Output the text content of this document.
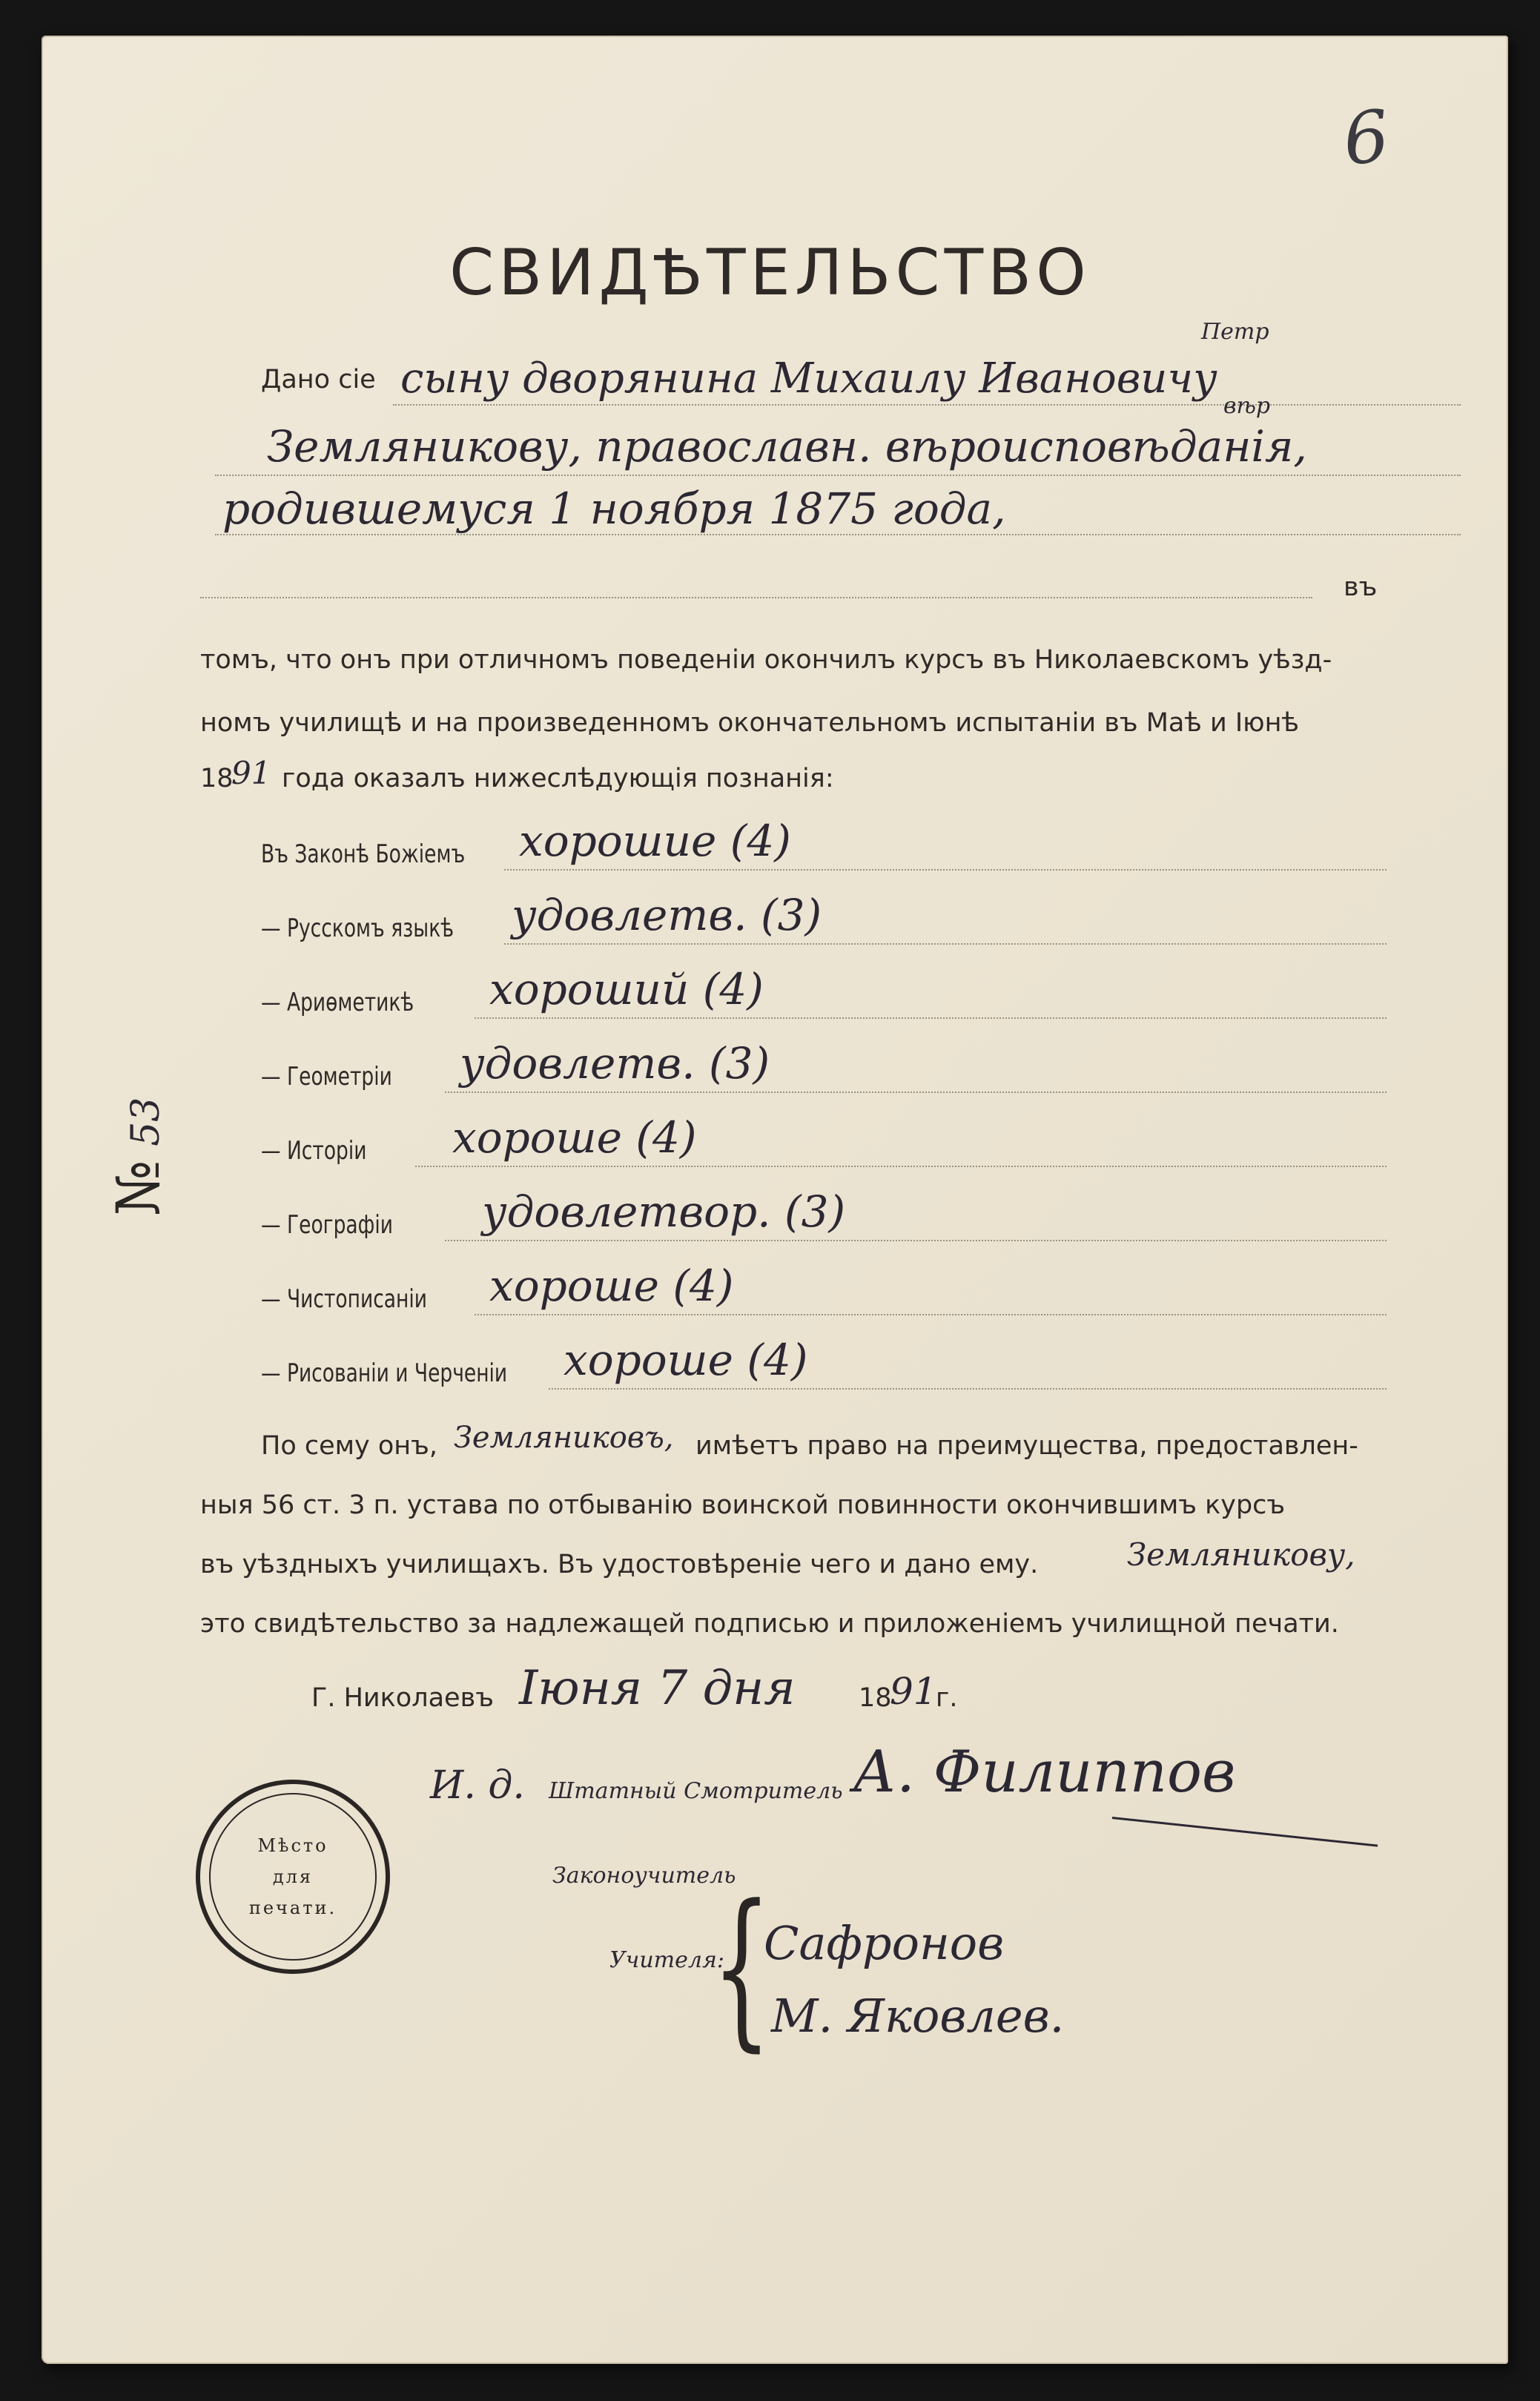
6
СВИДѢТЕЛЬСТВО
Дано сіе сыну дворянина Михаилу Ивановичу
Петр
Земляникову, православн. вѣроисповѣданія,
вѣр
родившемуся 1 ноября 1875 года,
въ
томъ, что онъ при отличномъ поведеніи окончилъ курсъ въ Николаевскомъ уѣзд-
номъ училищѣ и на произведенномъ окончательномъ испытаніи въ Маѣ и Іюнѣ
18
91 года оказалъ нижеслѣдующія познанія:
Въ Законѣ Божіемъ хорошие (4)
— Русскомъ языкѣ удовлетв. (3)
— Ариѳметикѣ хороший (4)
— Геометріи удовлетв. (3)
— Исторіи хороше (4)
— Географіи удовлетвор. (3)
— Чистописаніи хороше (4)
— Рисованіи и Черченіи хороше (4)
№ 53
По сему онъ, Земляниковъ, имѣетъ право на преимущества, предоставлен-
ныя 56 ст. 3 п. устава по отбыванію воинской повинности окончившимъ курсъ
въ уѣздныхъ училищахъ. Въ удостовѣреніе чего и дано ему.	Земляникову,
это свидѣтельство за надлежащей подписью и приложеніемъ училищной печати.
Г. Николаевъ Іюня 7 дня 18
91
г.
И. д. Штатный Смотритель А. Филиппов
Законоучитель
Учителя:
{
Сафронов
М. Яковлев.
Мѣсто
для
печати.
